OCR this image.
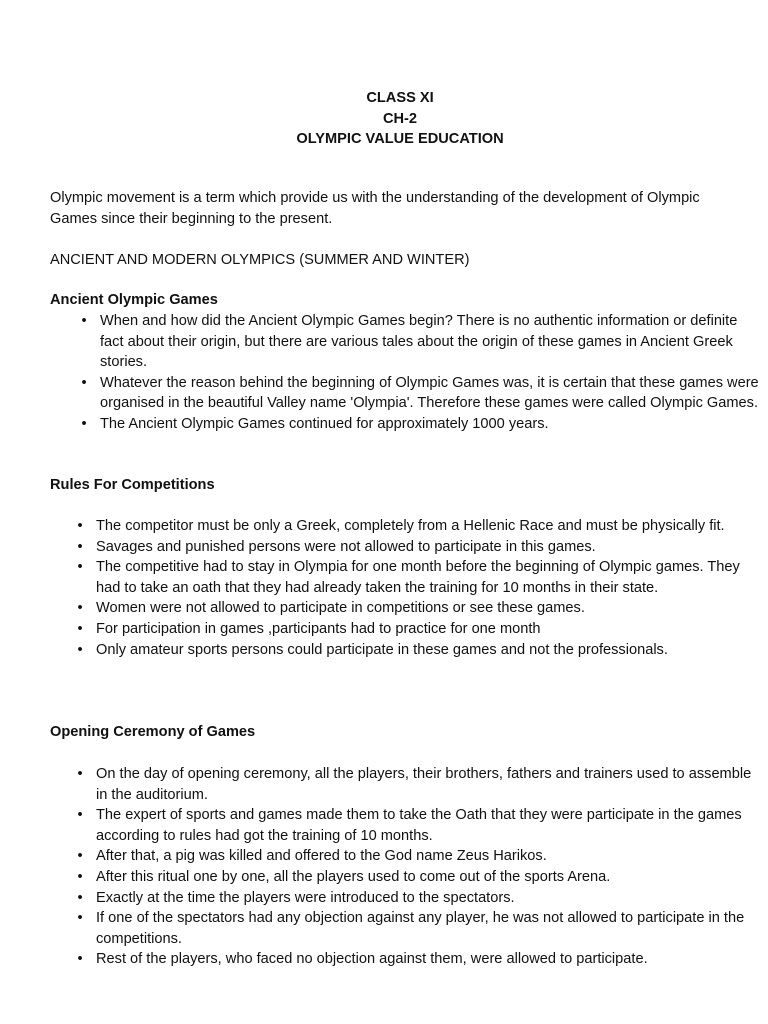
CLASS XI
CH-2
OLYMPIC VALUE EDUCATION

Olympic movement is a term which provide us with the understanding of the development of Olympic Games since their beginning to the present.

ANCIENT AND MODERN OLYMPICS (SUMMER AND WINTER)

Ancient Olympic Games

• When and how did the Ancient Olympic Games begin? There is no authentic information or definite fact about their origin, but there are various tales about the origin of these games in Ancient Greek stories.
• Whatever the reason behind the beginning of Olympic Games was, it is certain that these games were organised in the beautiful Valley name 'Olympia'. Therefore these games were called Olympic Games.
• The Ancient Olympic Games continued for approximately 1000 years.

Rules For Competitions

• The competitor must be only a Greek, completely from a Hellenic Race and must be physically fit.
• Savages and punished persons were not allowed to participate in this games.
• The competitive had to stay in Olympia for one month before the beginning of Olympic games. They had to take an oath that they had already taken the training for 10 months in their state.
• Women were not allowed to participate in competitions or see these games.
• For participation in games ,participants had to practice for one month
• Only amateur sports persons could participate in these games and not the professionals.

Opening Ceremony of Games

• On the day of opening ceremony, all the players, their brothers, fathers and trainers used to assemble in the auditorium.
• The expert of sports and games made them to take the Oath that they were participate in the games according to rules had got the training of 10 months.
• After that, a pig was killed and offered to the God name Zeus Harikos.
• After this ritual one by one, all the players used to come out of the sports Arena.
• Exactly at the time the players were introduced to the spectators.
• If one of the spectators had any objection against any player, he was not allowed to participate in the competitions.
• Rest of the players, who faced no objection against them, were allowed to participate.
